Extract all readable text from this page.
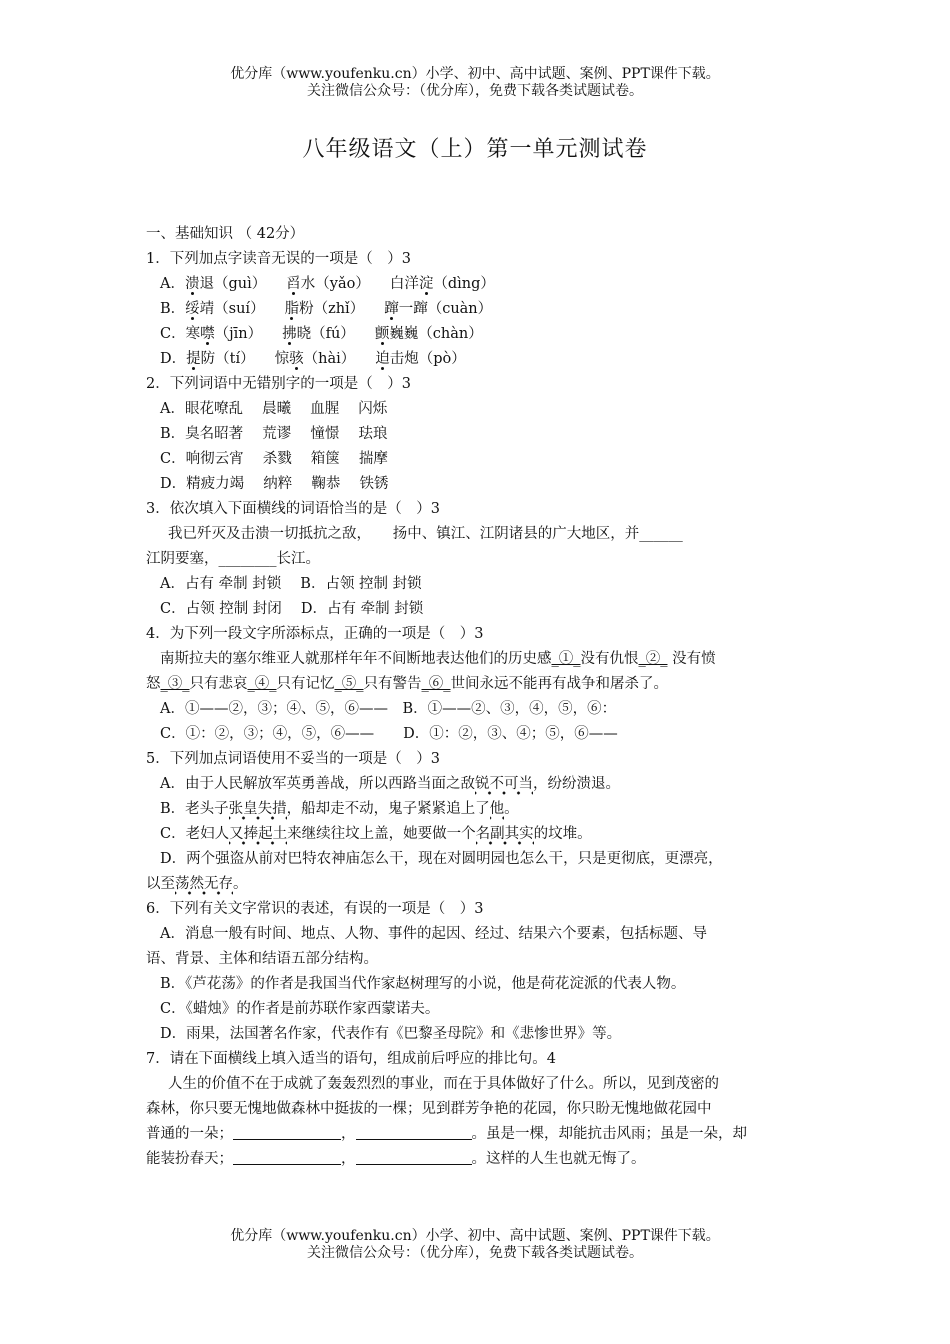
优分库（www.youfenku.cn）小学、初中、高中试题、案例、PPT课件下载。
关注微信公众号：（优分库），免费下载各类试题试卷。
八年级语文（上）第一单元测试卷
一、基础知识 （ 42分）
1．下列加点字读音无误的一项是（　）3
A．溃退（guì） 舀水（yǎo） 白洋淀（dìng）
B．绥靖（suí） 脂粉（zhǐ） 蹿一蹿（cuàn）
C．寒噤（jīn） 拂晓（fú） 颤巍巍（chàn）
D．提防（tí） 惊骇（hài） 迫击炮（pò）
2．下列词语中无错别字的一项是（　）3
A．眼花嘹乱　 晨曦　 血腥　 闪烁
B．臭名昭著　 荒谬　 憧憬　 珐琅
C．响彻云宵　 杀戮　 箱箧　 揣摩
D．精疲力竭　 纳粹　 鞠恭　 铁锈
3．依次填入下面横线的词语恰当的是（　）3
我已歼灭及击溃一切抵抗之敌，　　扬中、镇江、江阴诸县的广大地区，并______
江阴要塞，________长江。
A．占有 牵制 封锁　 B．占领 控制 封锁
C．占领 控制 封闭　 D．占有 牵制 封锁
4．为下列一段文字所添标点，正确的一项是（　）3
南斯拉夫的塞尔维亚人就那样年年不间断地表达他们的历史感_①_没有仇恨_②_ 没有愤
怒_③_只有悲哀_④_只有记忆_⑤_只有警告_⑥_世间永远不能再有战争和屠杀了。
A．①——②，③；④、⑤，⑥——　B．①——②、③，④，⑤，⑥：
C．①：②，③；④，⑤，⑥——　　D．①：②，③、④；⑤，⑥——
5．下列加点词语使用不妥当的一项是（　）3
A．由于人民解放军英勇善战，所以西路当面之敌锐不可当，纷纷溃退。
B．老头子张皇失措，船却走不动，鬼子紧紧追上了他。
C．老妇人又捧起土来继续往坟上盖，她要做一个名副其实的坟堆。
D．两个强盗从前对巴特农神庙怎么干，现在对圆明园也怎么干，只是更彻底，更漂亮，
以至荡然无存。
6．下列有关文字常识的表述，有误的一项是（　）3
A．消息一般有时间、地点、人物、事件的起因、经过、结果六个要素，包括标题、导
语、背景、主体和结语五部分结构。
B．《芦花荡》的作者是我国当代作家赵树理写的小说，他是荷花淀派的代表人物。
C．《蜡烛》的作者是前苏联作家西蒙诺夫。
D．雨果，法国著名作家，代表作有《巴黎圣母院》和《悲惨世界》等。
7．请在下面横线上填入适当的语句，组成前后呼应的排比句。4
人生的价值不在于成就了轰轰烈烈的事业，而在于具体做好了什么。所以，见到茂密的
森林，你只要无愧地做森林中挺拔的一棵；见到群芳争艳的花园，你只盼无愧地做花园中
普通的一朵；	，	。虽是一棵，却能抗击风雨；虽是一朵，却
能装扮春天；	，	。这样的人生也就无悔了。
优分库（www.youfenku.cn）小学、初中、高中试题、案例、PPT课件下载。
关注微信公众号：（优分库），免费下载各类试题试卷。
